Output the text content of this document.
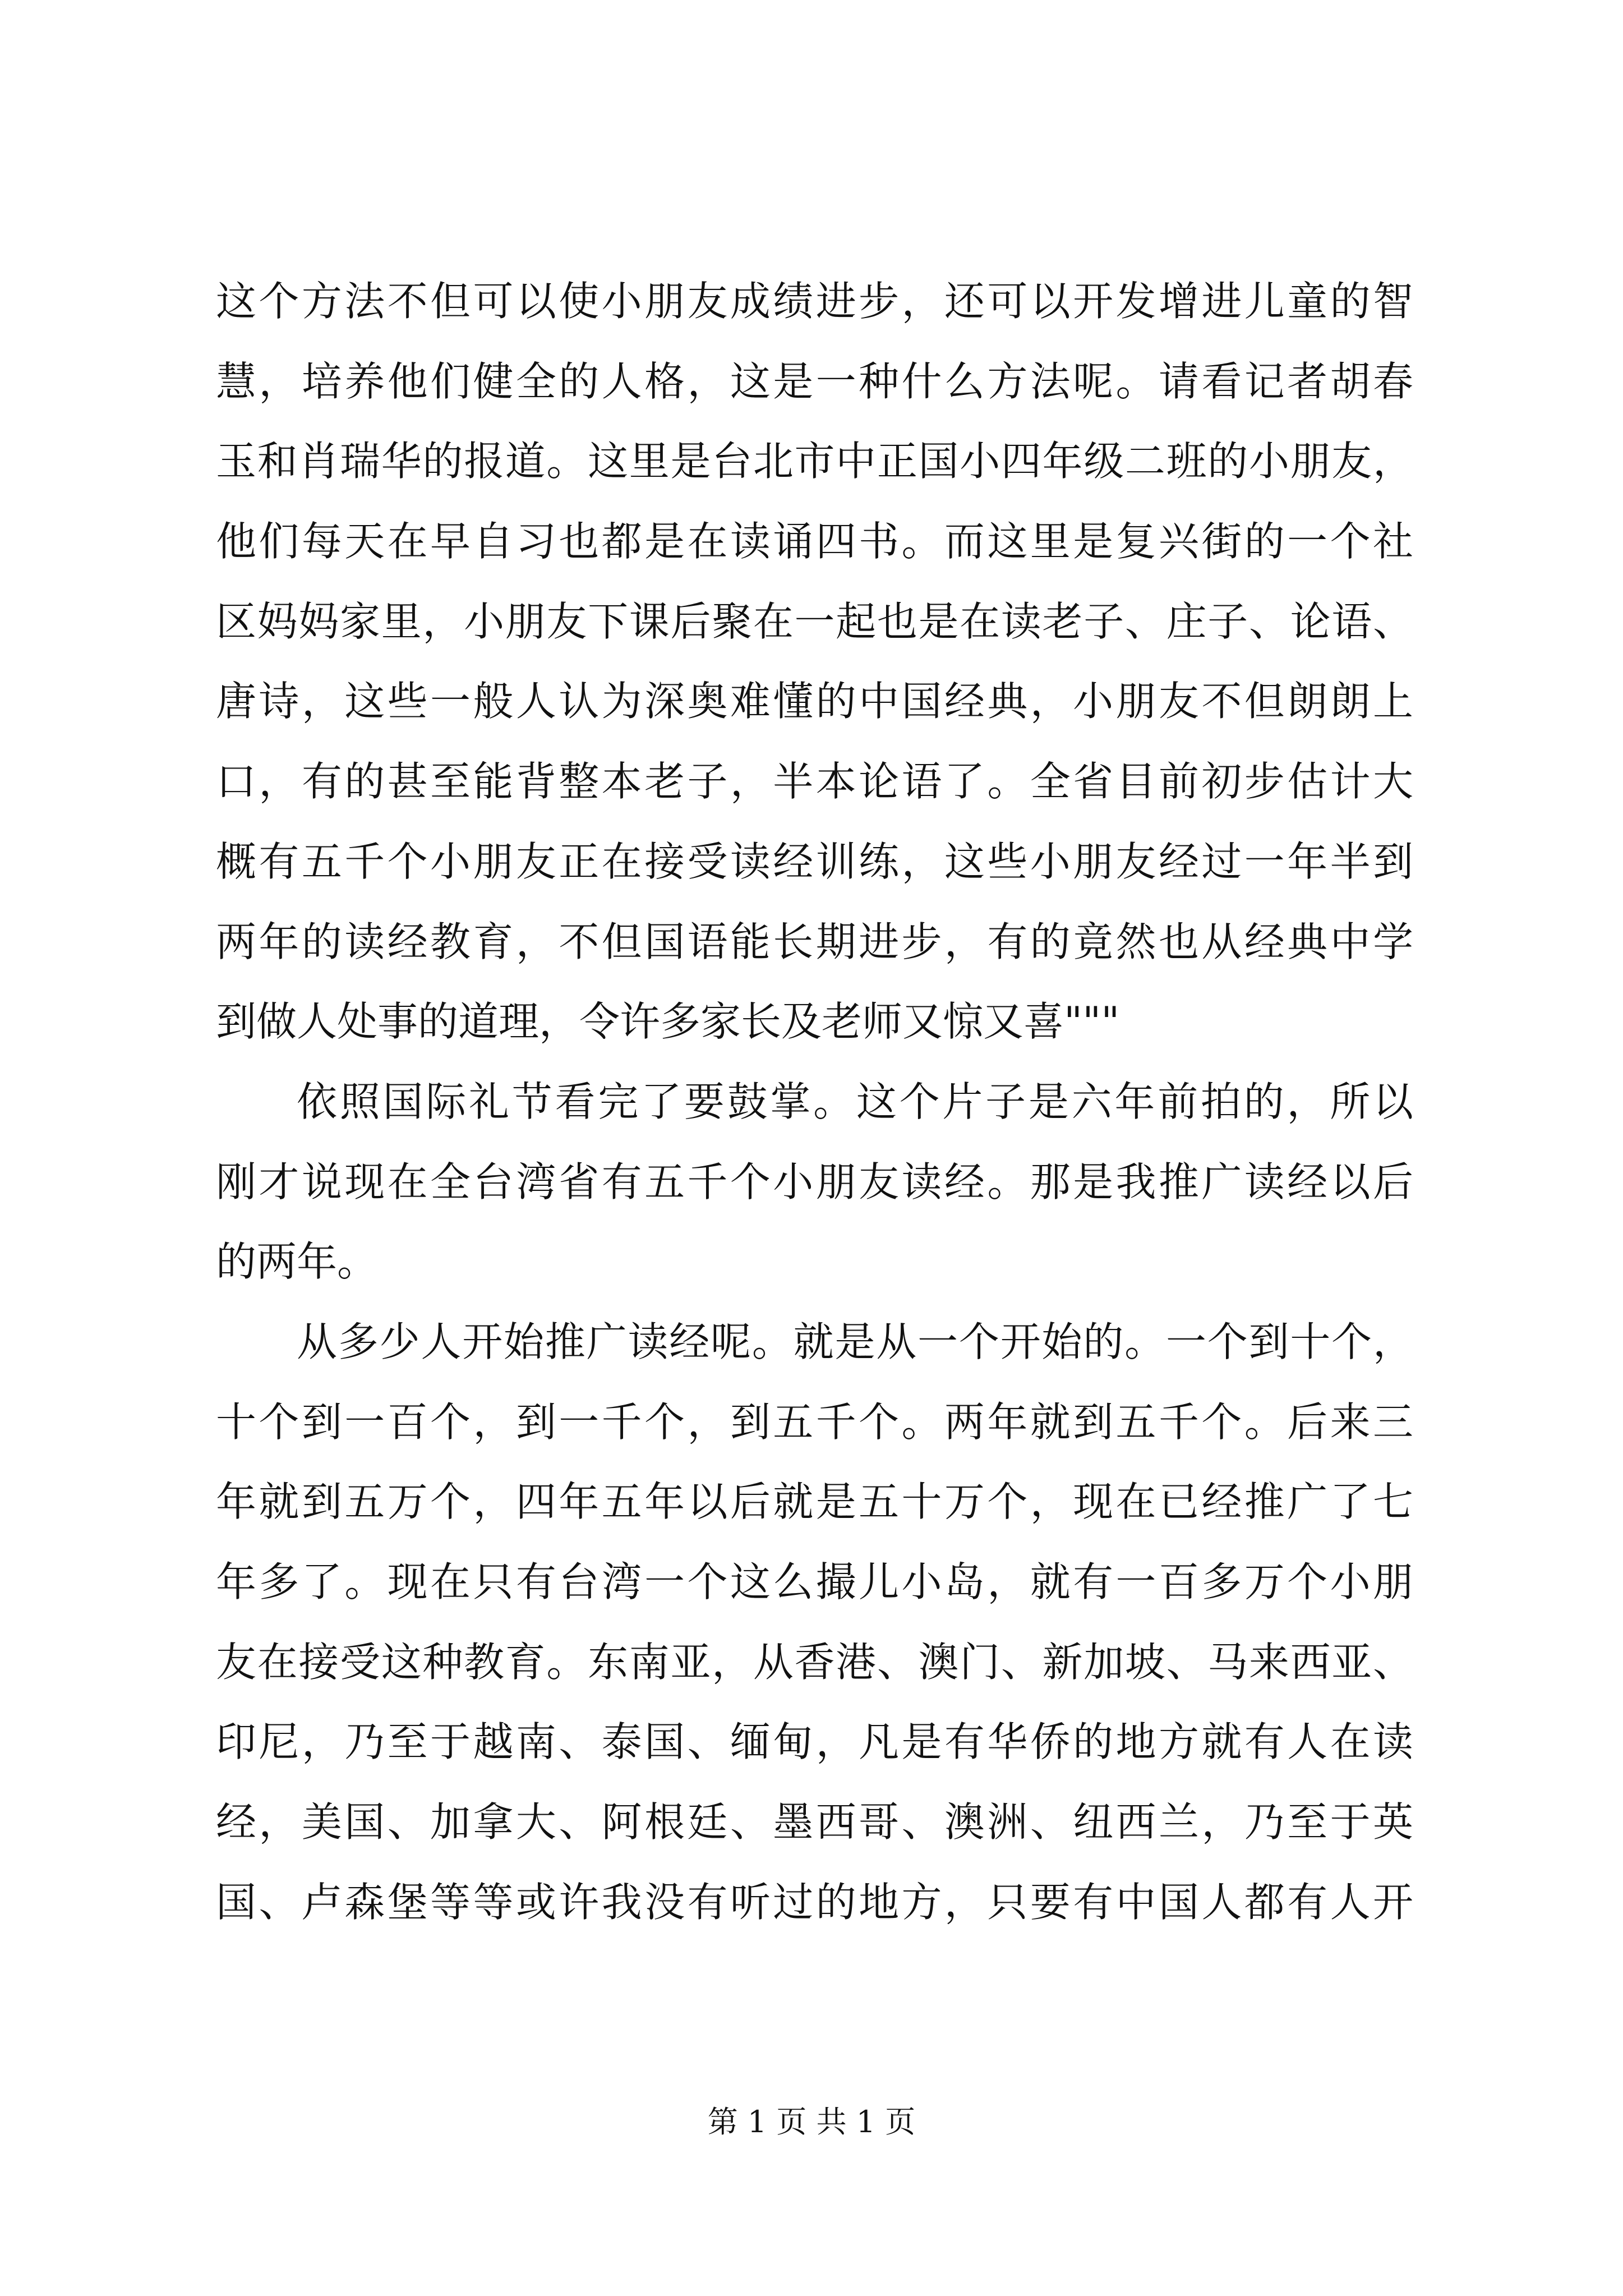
这个方法不但可以使小朋友成绩进步，还可以开发增进儿童的智
慧，培养他们健全的人格，这是一种什么方法呢。请看记者胡春
玉和肖瑞华的报道。这里是台北市中正国小四年级二班的小朋友，
他们每天在早自习也都是在读诵四书。而这里是复兴街的一个社
区妈妈家里，小朋友下课后聚在一起也是在读老子、庄子、论语、
唐诗，这些一般人认为深奥难懂的中国经典，小朋友不但朗朗上
口，有的甚至能背整本老子，半本论语了。全省目前初步估计大
概有五千个小朋友正在接受读经训练，这些小朋友经过一年半到
两年的读经教育，不但国语能长期进步，有的竟然也从经典中学
到做人处事的道理，令许多家长及老师又惊又喜"""
依照国际礼节看完了要鼓掌。这个片子是六年前拍的，所以
刚才说现在全台湾省有五千个小朋友读经。那是我推广读经以后
的两年。
从多少人开始推广读经呢。就是从一个开始的。一个到十个，
十个到一百个，到一千个，到五千个。两年就到五千个。后来三
年就到五万个，四年五年以后就是五十万个，现在已经推广了七
年多了。现在只有台湾一个这么撮儿小岛，就有一百多万个小朋
友在接受这种教育。东南亚，从香港、澳门、新加坡、马来西亚、
印尼，乃至于越南、泰国、缅甸，凡是有华侨的地方就有人在读
经，美国、加拿大、阿根廷、墨西哥、澳洲、纽西兰，乃至于英
国、卢森堡等等或许我没有听过的地方，只要有中国人都有人开
第 1 页 共 1 页
